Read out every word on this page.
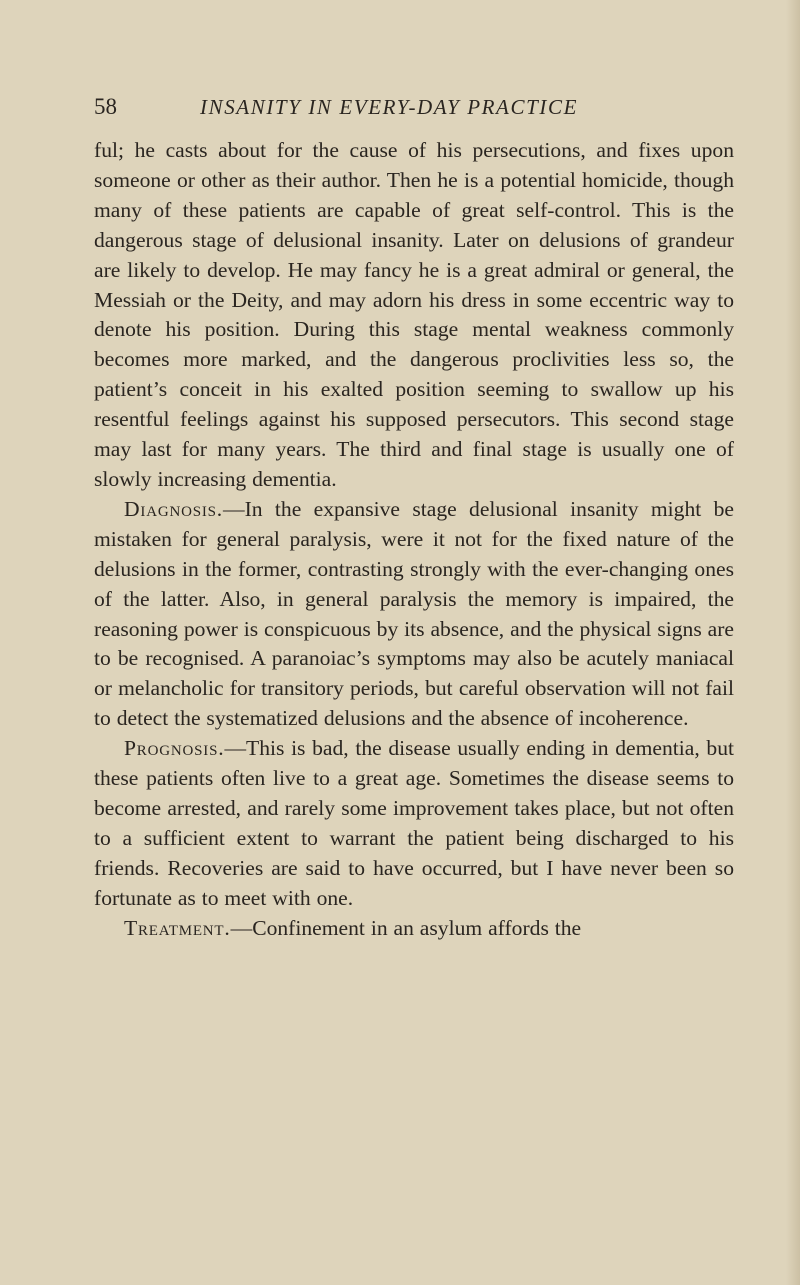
58	INSANITY IN EVERY-DAY PRACTICE

ful; he casts about for the cause of his persecutions, and fixes upon someone or other as their author. Then he is a potential homicide, though many of these patients are capable of great self-control. This is the dangerous stage of delusional insanity. Later on delusions of grandeur are likely to develop. He may fancy he is a great admiral or general, the Messiah or the Deity, and may adorn his dress in some eccentric way to denote his position. During this stage mental weakness commonly becomes more marked, and the dangerous proclivities less so, the patient’s conceit in his exalted position seeming to swallow up his resentful feelings against his supposed persecutors. This second stage may last for many years. The third and final stage is usually one of slowly increasing dementia.

Diagnosis.—In the expansive stage delusional insanity might be mistaken for general paralysis, were it not for the fixed nature of the delusions in the former, contrasting strongly with the ever-changing ones of the latter. Also, in general paralysis the memory is impaired, the reasoning power is conspicuous by its absence, and the physical signs are to be recognised. A paranoiac’s symptoms may also be acutely maniacal or melancholic for transitory periods, but careful observation will not fail to detect the systematized delusions and the absence of incoherence.

Prognosis.—This is bad, the disease usually ending in dementia, but these patients often live to a great age. Sometimes the disease seems to become arrested, and rarely some improvement takes place, but not often to a sufficient extent to warrant the patient being discharged to his friends. Recoveries are said to have occurred, but I have never been so fortunate as to meet with one.

Treatment.—Confinement in an asylum affords the
